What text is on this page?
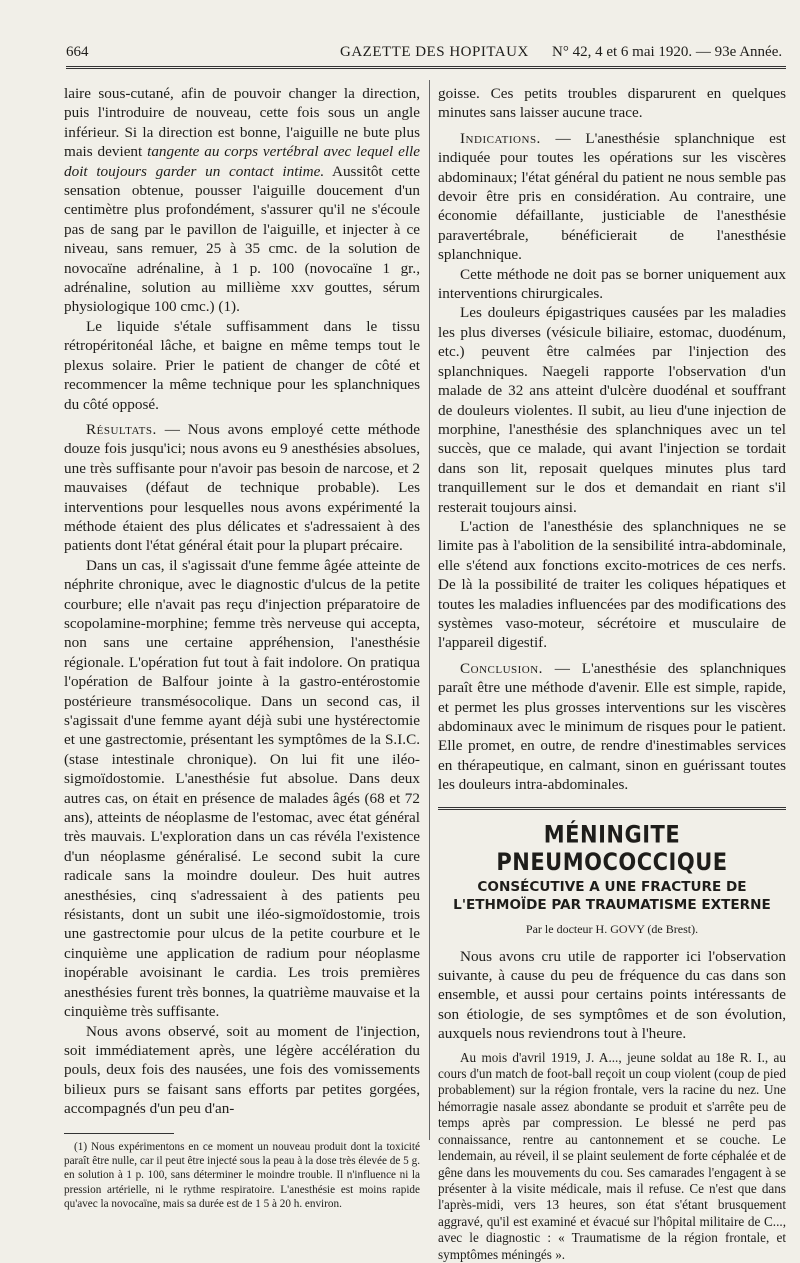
664	GAZETTE DES HOPITAUX N° 42, 4 et 6 mai 1920. — 93e Année.

laire sous-cutané, afin de pouvoir changer la direction, puis l'introduire de nouveau, cette fois sous un angle inférieur. Si la direction est bonne, l'aiguille ne bute plus mais devient tangente au corps vertébral avec lequel elle doit toujours garder un contact intime. Aussitôt cette sensation obtenue, pousser l'aiguille doucement d'un centimètre plus profondément, s'assurer qu'il ne s'écoule pas de sang par le pavillon de l'aiguille, et injecter à ce niveau, sans remuer, 25 à 35 cmc. de la solution de novocaïne adrénaline, à 1 p. 100 (novocaïne 1 gr., adrénaline, solution au millième xxv gouttes, sérum physiologique 100 cmc.) (1).

Le liquide s'étale suffisamment dans le tissu rétropéritonéal lâche, et baigne en même temps tout le plexus solaire. Prier le patient de changer de côté et recommencer la même technique pour les splanchniques du côté opposé.

Résultats. — Nous avons employé cette méthode douze fois jusqu'ici; nous avons eu 9 anesthésies absolues, une très suffisante pour n'avoir pas besoin de narcose, et 2 mauvaises (défaut de technique probable). Les interventions pour lesquelles nous avons expérimenté la méthode étaient des plus délicates et s'adressaient à des patients dont l'état général était pour la plupart précaire.

Dans un cas, il s'agissait d'une femme âgée atteinte de néphrite chronique, avec le diagnostic d'ulcus de la petite courbure; elle n'avait pas reçu d'injection préparatoire de scopolamine-morphine; femme très nerveuse qui accepta, non sans une certaine appréhension, l'anesthésie régionale. L'opération fut tout à fait indolore. On pratiqua l'opération de Balfour jointe à la gastro-entérostomie postérieure transmésocolique. Dans un second cas, il s'agissait d'une femme ayant déjà subi une hystérectomie et une gastrectomie, présentant les symptômes de la S.I.C. (stase intestinale chronique). On lui fit une iléo-sigmoïdostomie. L'anesthésie fut absolue. Dans deux autres cas, on était en présence de malades âgés (68 et 72 ans), atteints de néoplasme de l'estomac, avec état général très mauvais. L'exploration dans un cas révéla l'existence d'un néoplasme généralisé. Le second subit la cure radicale sans la moindre douleur. Des huit autres anesthésies, cinq s'adressaient à des patients peu résistants, dont un subit une iléo-sigmoïdostomie, trois une gastrectomie pour ulcus de la petite courbure et le cinquième une application de radium pour néoplasme inopérable avoisinant le cardia. Les trois premières anesthésies furent très bonnes, la quatrième mauvaise et la cinquième très suffisante.

Nous avons observé, soit au moment de l'injection, soit immédiatement après, une légère accélération du pouls, deux fois des nausées, une fois des vomissements bilieux purs se faisant sans efforts par petites gorgées, accompagnés d'un peu d'an-

(1) Nous expérimentons en ce moment un nouveau produit dont la toxicité paraît être nulle, car il peut être injecté sous la peau à la dose très élevée de 5 g. en solution à 1 p. 100, sans déterminer le moindre trouble. Il n'influence ni la pression artérielle, ni le rythme respiratoire. L'anesthésie est moins rapide qu'avec la novocaïne, mais sa durée est de 1 5 à 20 h. environ.

goisse. Ces petits troubles disparurent en quelques minutes sans laisser aucune trace.

Indications. — L'anesthésie splanchnique est indiquée pour toutes les opérations sur les viscères abdominaux; l'état général du patient ne nous semble pas devoir être pris en considération. Au contraire, une économie défaillante, justiciable de l'anesthésie paravertébrale, bénéficierait de l'anesthésie splanchnique.

Cette méthode ne doit pas se borner uniquement aux interventions chirurgicales.

Les douleurs épigastriques causées par les maladies les plus diverses (vésicule biliaire, estomac, duodénum, etc.) peuvent être calmées par l'injection des splanchniques. Naegeli rapporte l'observation d'un malade de 32 ans atteint d'ulcère duodénal et souffrant de douleurs violentes. Il subit, au lieu d'une injection de morphine, l'anesthésie des splanchniques avec un tel succès, que ce malade, qui avant l'injection se tordait dans son lit, reposait quelques minutes plus tard tranquillement sur le dos et demandait en riant s'il resterait toujours ainsi.

L'action de l'anesthésie des splanchniques ne se limite pas à l'abolition de la sensibilité intra-abdominale, elle s'étend aux fonctions excito-motrices de ces nerfs. De là la possibilité de traiter les coliques hépatiques et toutes les maladies influencées par des modifications des systèmes vaso-moteur, sécrétoire et musculaire de l'appareil digestif.

Conclusion. — L'anesthésie des splanchniques paraît être une méthode d'avenir. Elle est simple, rapide, et permet les plus grosses interventions sur les viscères abdominaux avec le minimum de risques pour le patient. Elle promet, en outre, de rendre d'inestimables services en thérapeutique, en calmant, sinon en guérissant toutes les douleurs intra-abdominales.

MÉNINGITE PNEUMOCOCCIQUE

CONSÉCUTIVE A UNE FRACTURE DE L'ETHMOÏDE PAR TRAUMATISME EXTERNE

Par le docteur H. GOVY (de Brest).

Nous avons cru utile de rapporter ici l'observation suivante, à cause du peu de fréquence du cas dans son ensemble, et aussi pour certains points intéressants de son étiologie, de ses symptômes et de son évolution, auxquels nous reviendrons tout à l'heure.

Au mois d'avril 1919, J. A..., jeune soldat au 18e R. I., au cours d'un match de foot-ball reçoit un coup violent (coup de pied probablement) sur la région frontale, vers la racine du nez. Une hémorragie nasale assez abondante se produit et s'arrête peu de temps après par compression. Le blessé ne perd pas connaissance, rentre au cantonnement et se couche. Le lendemain, au réveil, il se plaint seulement de forte céphalée et de gêne dans les mouvements du cou. Ses camarades l'engagent à se présenter à la visite médicale, mais il refuse. Ce n'est que dans l'après-midi, vers 13 heures, son état s'étant brusquement aggravé, qu'il est examiné et évacué sur l'hôpital militaire de C..., avec le diagnostic : « Traumatisme de la région frontale, et symptômes méningés ».
